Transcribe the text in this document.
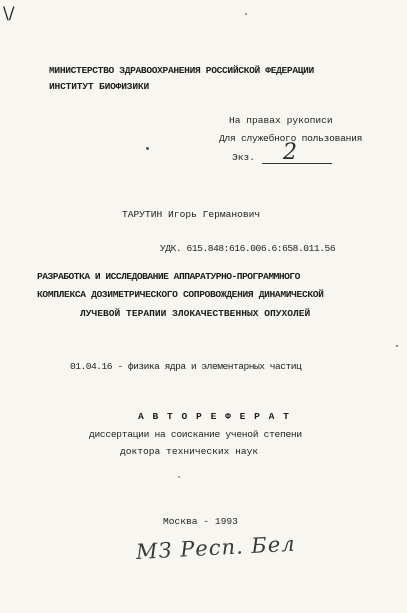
\/
МИНИСТЕРСТВО ЗДРАВООХРАНЕНИЯ РОССИЙСКОЙ ФЕДЕРАЦИИ
ИНСТИТУТ БИОФИЗИКИ
На правах рукописи
Для служебного пользования
Экз. 2
ТАРУТИН Игорь Германович
УДК. 615.848:616.006.6:658.011.56
РАЗРАБОТКА И ИССЛЕДОВАНИЕ АППАРАТУРНО-ПРОГРАММНОГО
КОМПЛЕКСА ДОЗИМЕТРИЧЕСКОГО СОПРОВОЖДЕНИЯ ДИНАМИЧЕСКОЙ
ЛУЧЕВОЙ ТЕРАПИИ ЗЛОКАЧЕСТВЕННЫХ ОПУХОЛЕЙ
01.04.16 - физика ядра и элементарных частиц
А В Т О Р Е Ф Е Р А Т
диссертации на соискание ученой степени
доктора технических наук
Москва - 1993
МЗ Респ. Бел
